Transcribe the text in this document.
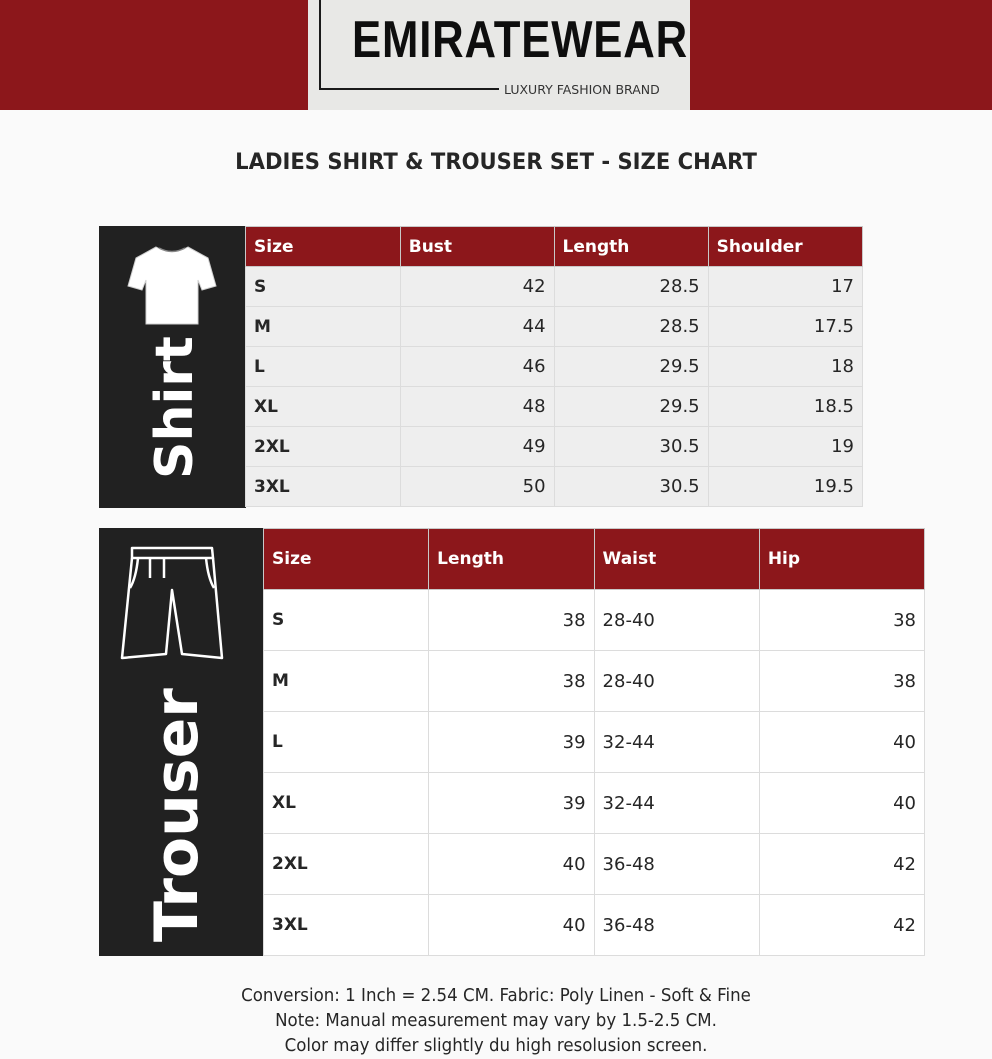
EMIRATEWEAR
LUXURY FASHION BRAND
LADIES SHIRT & TROUSER SET - SIZE CHART
Shirt
Size	Bust	Length	Shoulder
S	42	28.5	17
M	44	28.5	17.5
L	46	29.5	18
XL	48	29.5	18.5
2XL	49	30.5	19
3XL	50	30.5	19.5
Trouser
Size	Length	Waist	Hip
S	38	28-40	38
M	38	28-40	38
L	39	32-44	40
XL	39	32-44	40
2XL	40	36-48	42
3XL	40	36-48	42
Conversion: 1 Inch = 2.54 CM. Fabric: Poly Linen - Soft & Fine
Note: Manual measurement may vary by 1.5-2.5 CM.
Color may differ slightly du high resolusion screen.
